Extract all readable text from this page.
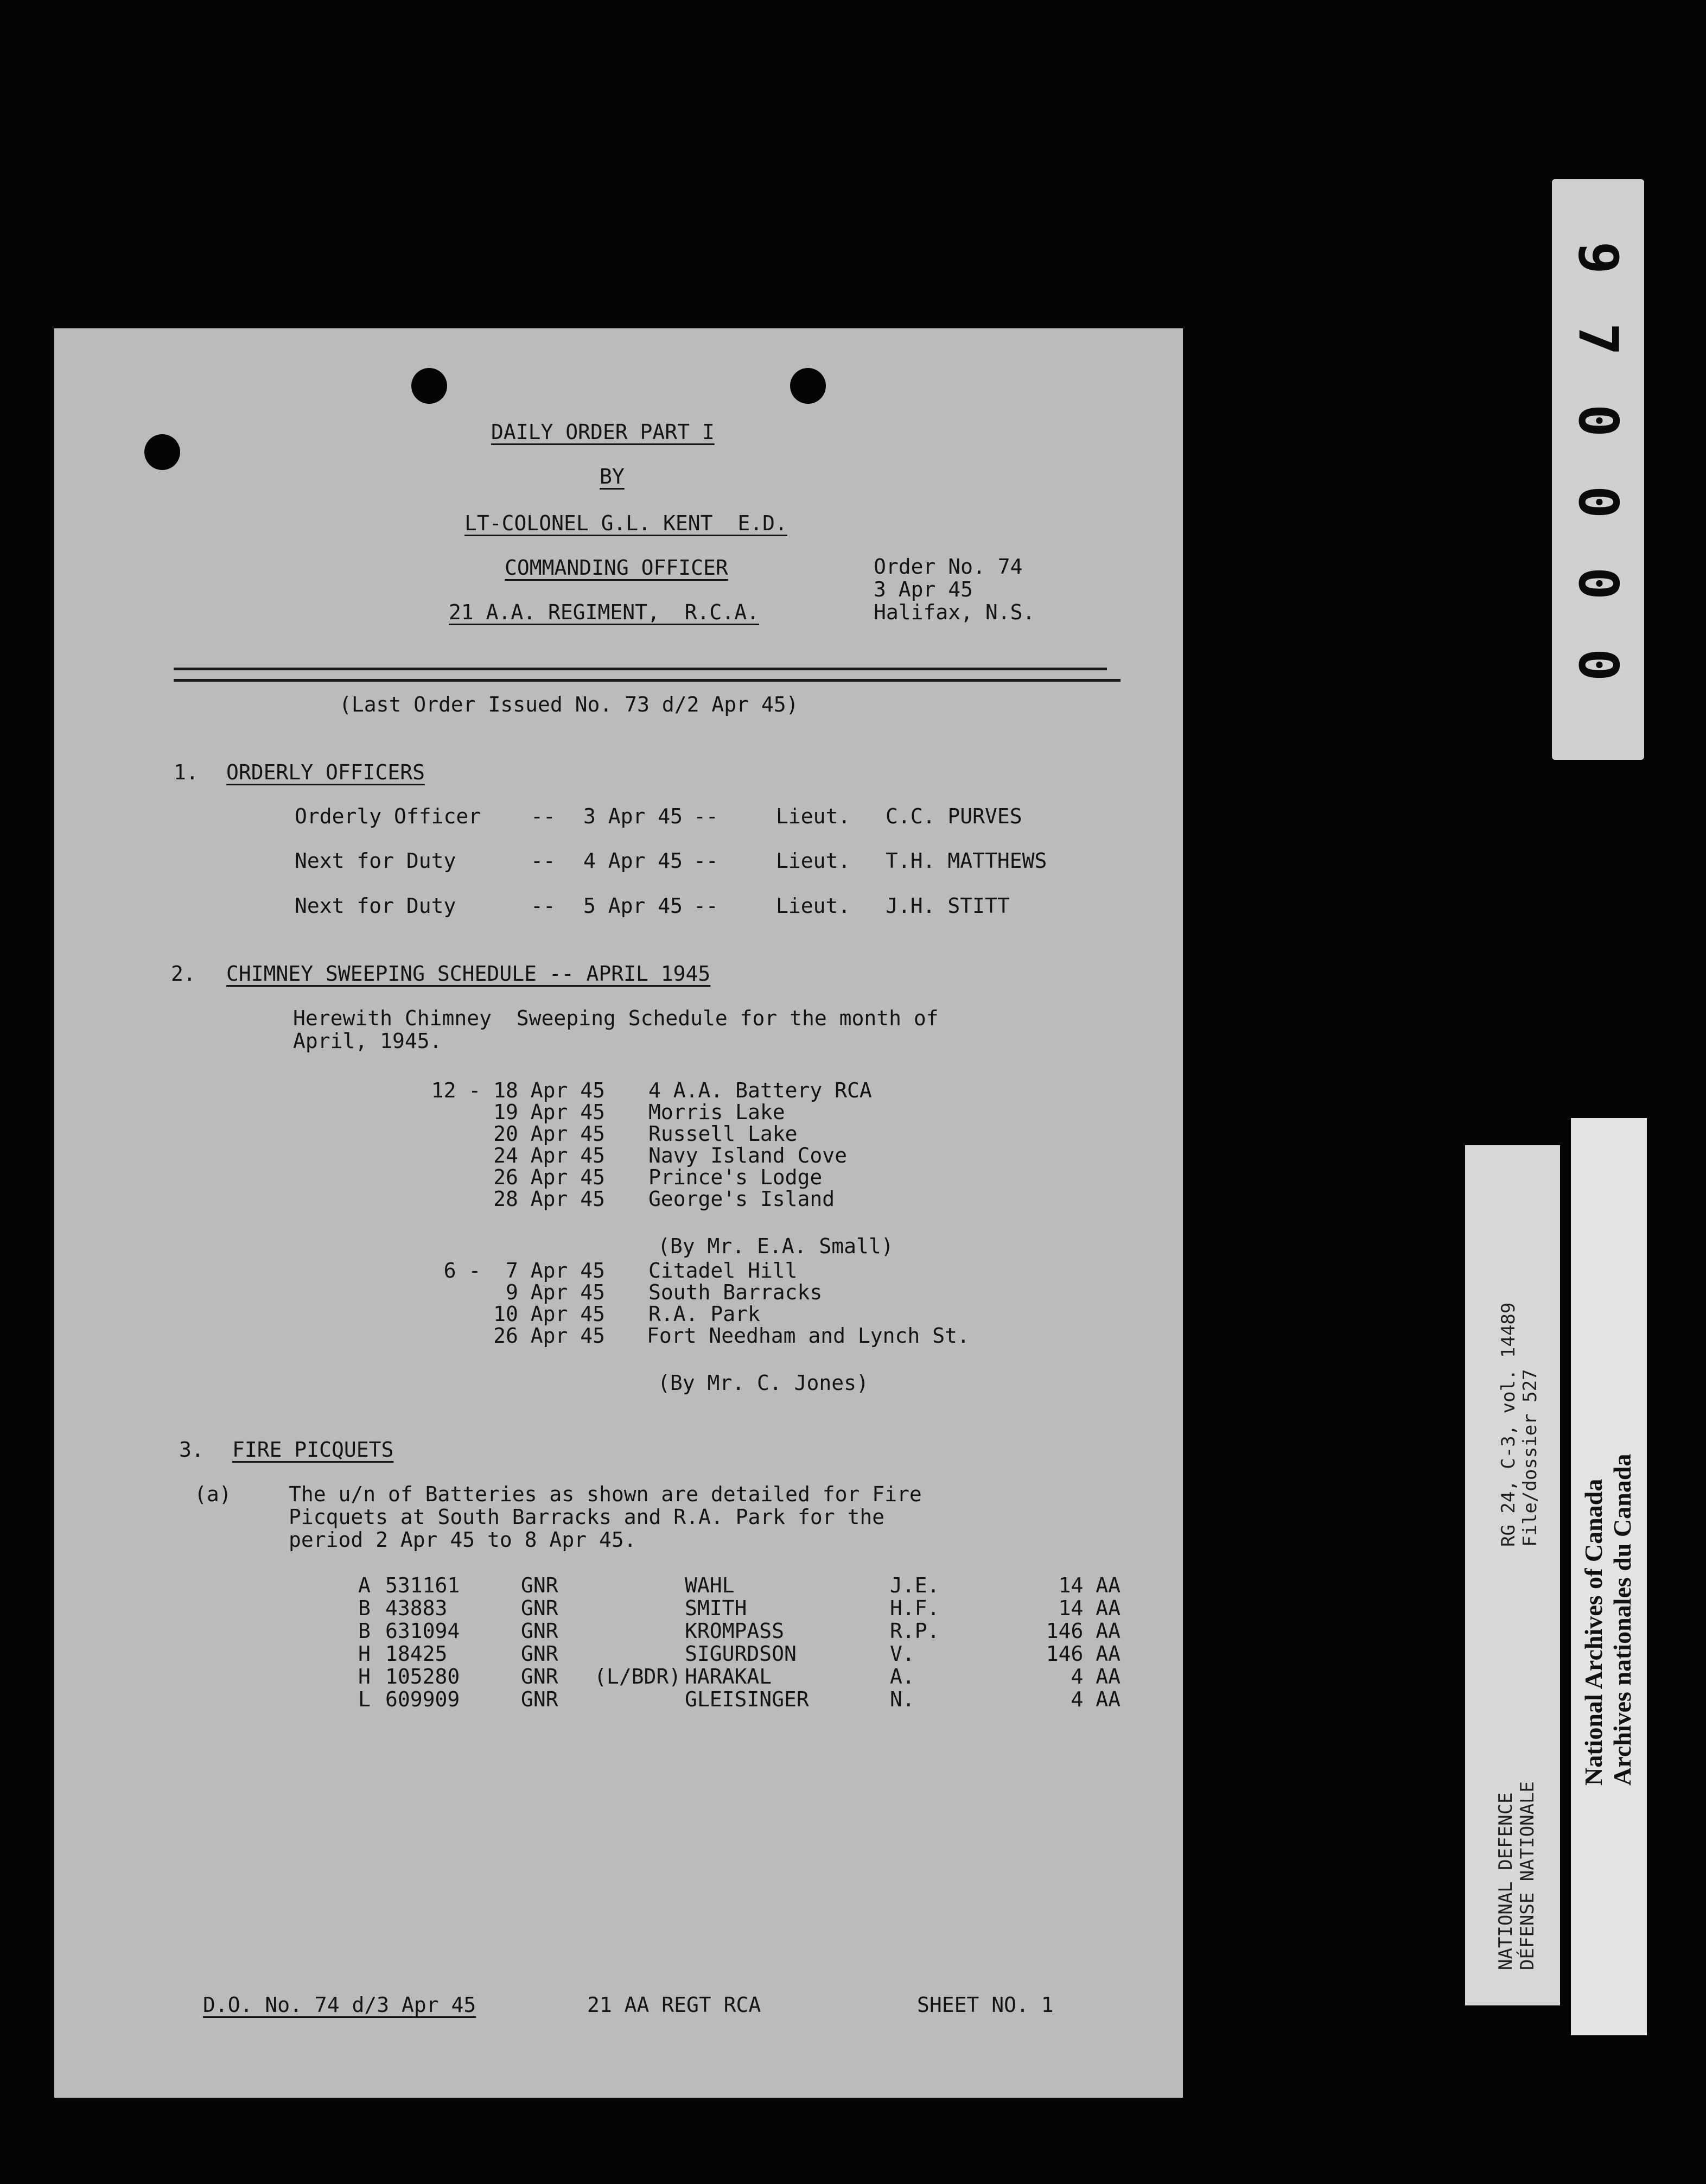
DAILY ORDER PART I
BY
LT-COLONEL G.L. KENT  E.D.
COMMANDING OFFICER
21 A.A. REGIMENT,  R.C.A.
Order No. 74
3 Apr 45
Halifax, N.S.
(Last Order Issued No. 73 d/2 Apr 45)
1. ORDERLY OFFICERS
Orderly Officer -- 3 Apr 45 --	Lieut. C.C. PURVES
Next for Duty	-- 4 Apr 45 --	Lieut. T.H. MATTHEWS
Next for Duty	-- 5 Apr 45 --	Lieut. J.H. STITT
2. CHIMNEY SWEEPING SCHEDULE -- APRIL 1945
Herewith Chimney  Sweeping Schedule for the month of
April, 1945.
12 - 18 Apr 45 4 A.A. Battery RCA
19 Apr 45 Morris Lake
20 Apr 45 Russell Lake
24 Apr 45 Navy Island Cove
26 Apr 45 Prince's Lodge
28 Apr 45 George's Island
(By Mr. E.A. Small)
6 -  7 Apr 45 Citadel Hill
9 Apr 45 South Barracks
10 Apr 45 R.A. Park
26 Apr 45 Fort Needham and Lynch St.
(By Mr. C. Jones)
3. FIRE PICQUETS
(a)	The u/n of Batteries as shown are detailed for Fire
Picquets at South Barracks and R.A. Park for the
period 2 Apr 45 to 8 Apr 45.
A 531161	GNR	WAHL	J.E.	14 AA
B 43883	GNR	SMITH	H.F.	14 AA
B 631094	GNR	KROMPASS	R.P.	146 AA
H 18425	GNR	SIGURDSON	V.	146 AA
H 105280	GNR (L/BDR) HARAKAL	A.	4 AA
L 609909	GNR	GLEISINGER	N.	4 AA
D.O. No. 74 d/3 Apr 45	21 AA REGT RCA	SHEET NO. 1
9
7
0
0
0
0
RG 24, C-3, vol. 14489 File/dossier 527
NATIONAL DEFENCE DÉFENSE NATIONALE
National Archives of Canada Archives nationales du Canada
